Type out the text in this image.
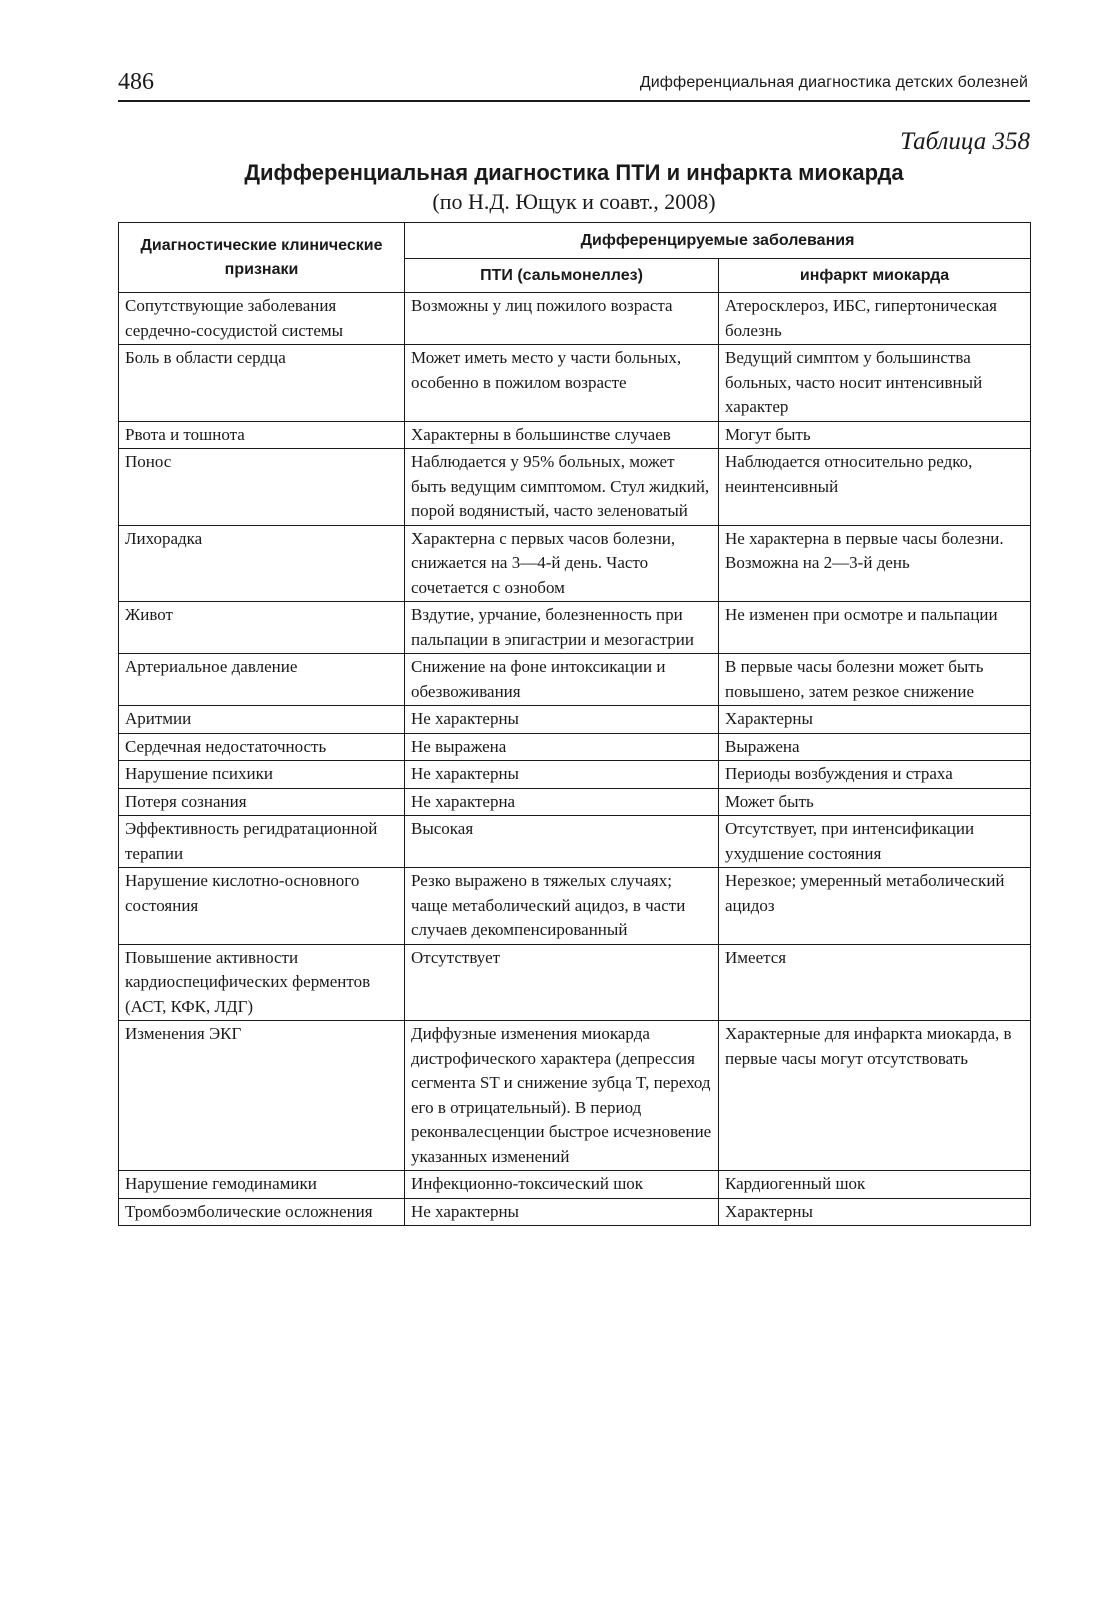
486	Дифференциальная диагностика детских болезней
Таблица 358
Дифференциальная диагностика ПТИ и инфаркта миокарда
(по Н.Д. Ющук и соавт., 2008)
Диагностические клинические признаки	Дифференцируемые заболевания	
	ПТИ (сальмонеллез)	инфаркт миокарда
Сопутствующие заболевания сердечно-сосудистой системы	Возможны у лиц пожилого возраста	Атеросклероз, ИБС, гипертоническая болезнь
Боль в области сердца	Может иметь место у части больных, особенно в пожилом возрасте	Ведущий симптом у большинства больных, часто носит интенсивный характер
Рвота и тошнота	Характерны в большинстве случаев	Могут быть
Понос	Наблюдается у 95% больных, может быть ведущим симптомом. Стул жидкий, порой водянистый, часто зеленоватый	Наблюдается относительно редко, неинтенсивный
Лихорадка	Характерна с первых часов болезни, снижается на 3—4-й день. Часто сочетается с ознобом	Не характерна в первые часы болезни. Возможна на 2—3-й день
Живот	Вздутие, урчание, болезненность при пальпации в эпигастрии и мезогастрии	Не изменен при осмотре и пальпации
Артериальное давление	Снижение на фоне интоксикации и обезвоживания	В первые часы болезни может быть повышено, затем резкое снижение
Аритмии	Не характерны	Характерны
Сердечная недостаточность	Не выражена	Выражена
Нарушение психики	Не характерны	Периоды возбуждения и страха
Потеря сознания	Не характерна	Может быть
Эффективность регидратационной терапии	Высокая	Отсутствует, при интенсификации ухудшение состояния
Нарушение кислотно-основного состояния	Резко выражено в тяжелых случаях; чаще метаболический ацидоз, в части случаев декомпенсированный	Нерезкое; умеренный метаболический ацидоз
Повышение активности кардиоспецифических ферментов (АСТ, КФК, ЛДГ)	Отсутствует	Имеется
Изменения ЭКГ	Диффузные изменения миокарда дистрофического характера (депрессия сегмента ST и снижение зубца T, переход его в отрицательный). В период реконвалесценции быстрое исчезновение указанных изменений	Характерные для инфаркта миокарда, в первые часы могут отсутствовать
Нарушение гемодинамики	Инфекционно-токсический шок	Кардиогенный шок
Тромбоэмболические осложнения	Не характерны	Характерны
